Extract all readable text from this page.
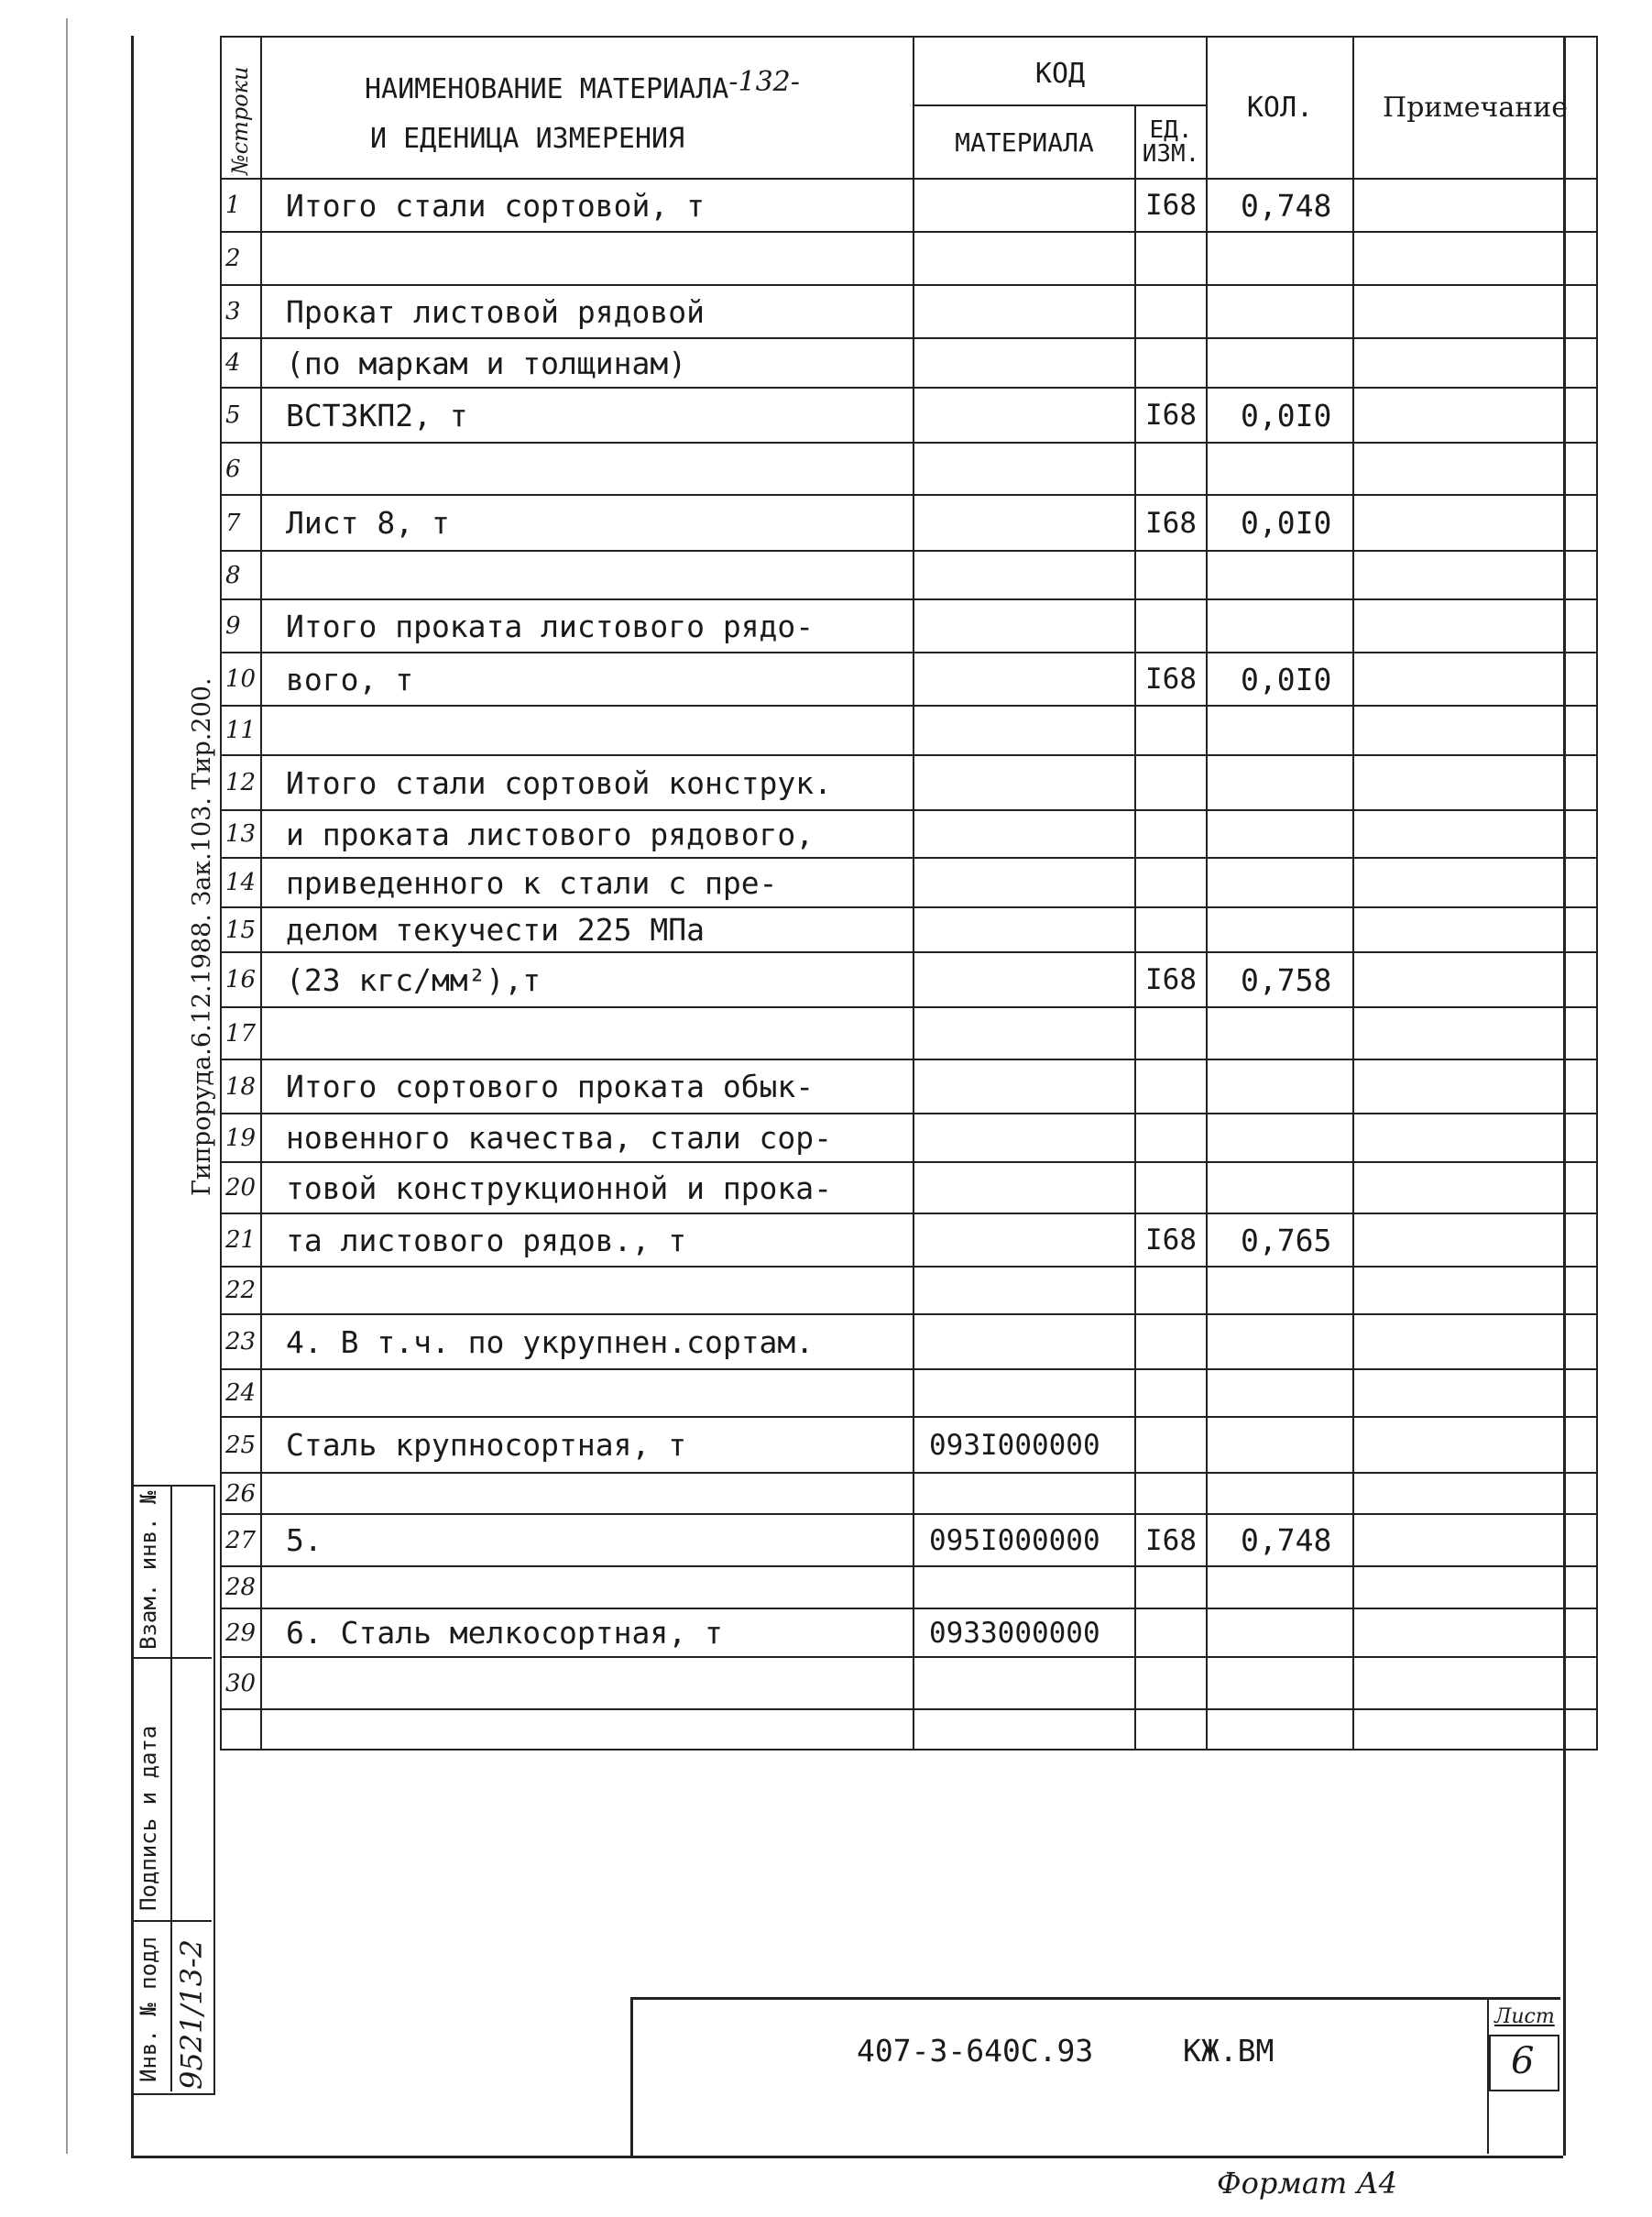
№строки	НАИМЕНОВАНИЕ МАТЕРИАЛА-132-
И ЕДЕНИЦА ИЗМЕРЕНИЯ	КОД		КОЛ.	Примечание
		МАТЕРИАЛА	ЕД.
ИЗМ.		
1	Итого стали сортовой, т		I68	0,748	
2					
3	Прокат листовой рядовой				
4	(по маркам и толщинам)				
5	ВСТЗКП2, т		I68	0,0I0	
6					
7	Лист 8, т		I68	0,0I0	
8					
9	Итого проката листового рядо-				
10	вого, т		I68	0,0I0	
11					
12	Итого стали сортовой конструк.				
13	и проката листового рядового,				
14	приведенного к стали с пре-				
15	делом текучести 225 МПа				
16	(23 кгс/мм²),т		I68	0,758	
17					
18	Итого сортового проката обык-				
19	новенного качества, стали сор-				
20	товой конструкционной и прока-				
21	та листового рядов., т		I68	0,765	
22					
23	4. В т.ч. по укрупнен.сортам.				
24					
25	Сталь крупносортная, т	093I000000			
26					
27	5.	095I000000	I68	0,748	
28					
29	6. Сталь мелкосортная, т	0933000000			
30					

Гипроруда.6.12.1988. Зак.103. Тир.200.
Взам. инв. №
Подпись и дата
Инв. № подл 9521/13-2	407-3-640С.93	КЖ.ВМ
Лист
6
Формат А4
